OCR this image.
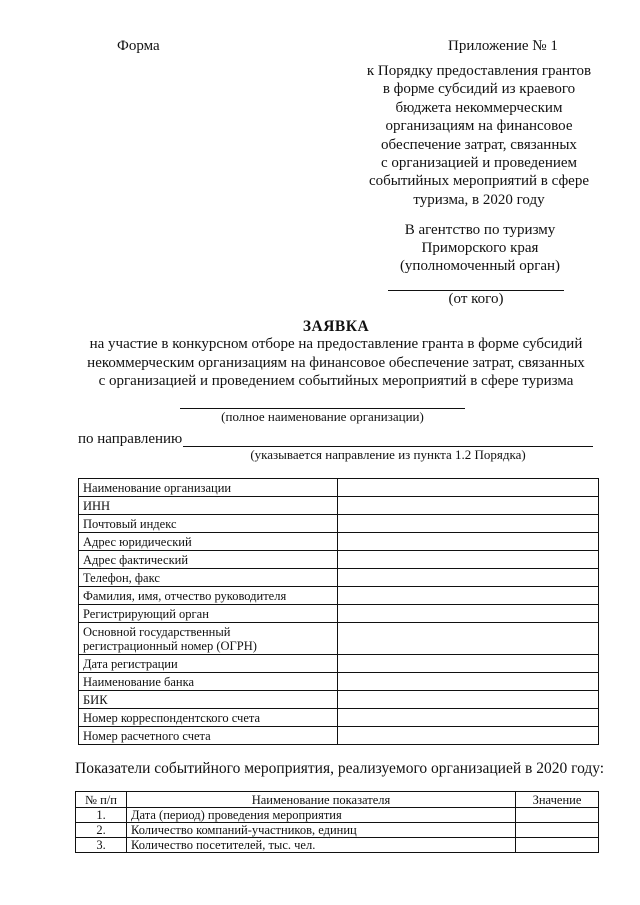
Форма	Приложение № 1
к Порядку предоставления грантов
в форме субсидий из краевого
бюджета некоммерческим
организациям на финансовое
обеспечение затрат, связанных
с организацией и проведением
событийных мероприятий в сфере
туризма, в 2020 году
В агентство по туризму
Приморского края
(уполномоченный орган)
(от кого)
ЗАЯВКА
на участие в конкурсном отборе на предоставление гранта в форме субсидий
некоммерческим организациям на финансовое обеспечение затрат, связанных
с организацией и проведением событийных мероприятий в сфере туризма
(полное наименование организации)
по направлению
(указывается направление из пункта 1.2 Порядка)
Наименование организации	
ИНН	
Почтовый индекс	
Адрес юридический	
Адрес фактический	
Телефон, факс	
Фамилия, имя, отчество руководителя	
Регистрирующий орган	
Основной государственный
регистрационный номер (ОГРН)	
Дата регистрации	
Наименование банка	
БИК	
Номер корреспондентского счета	
Номер расчетного счета	
Показатели событийного мероприятия, реализуемого организацией в 2020 году:
№ п/п	Наименование показателя	Значение
1.	Дата (период) проведения мероприятия	
2.	Количество компаний-участников, единиц	
3.	Количество посетителей, тыс. чел.	
